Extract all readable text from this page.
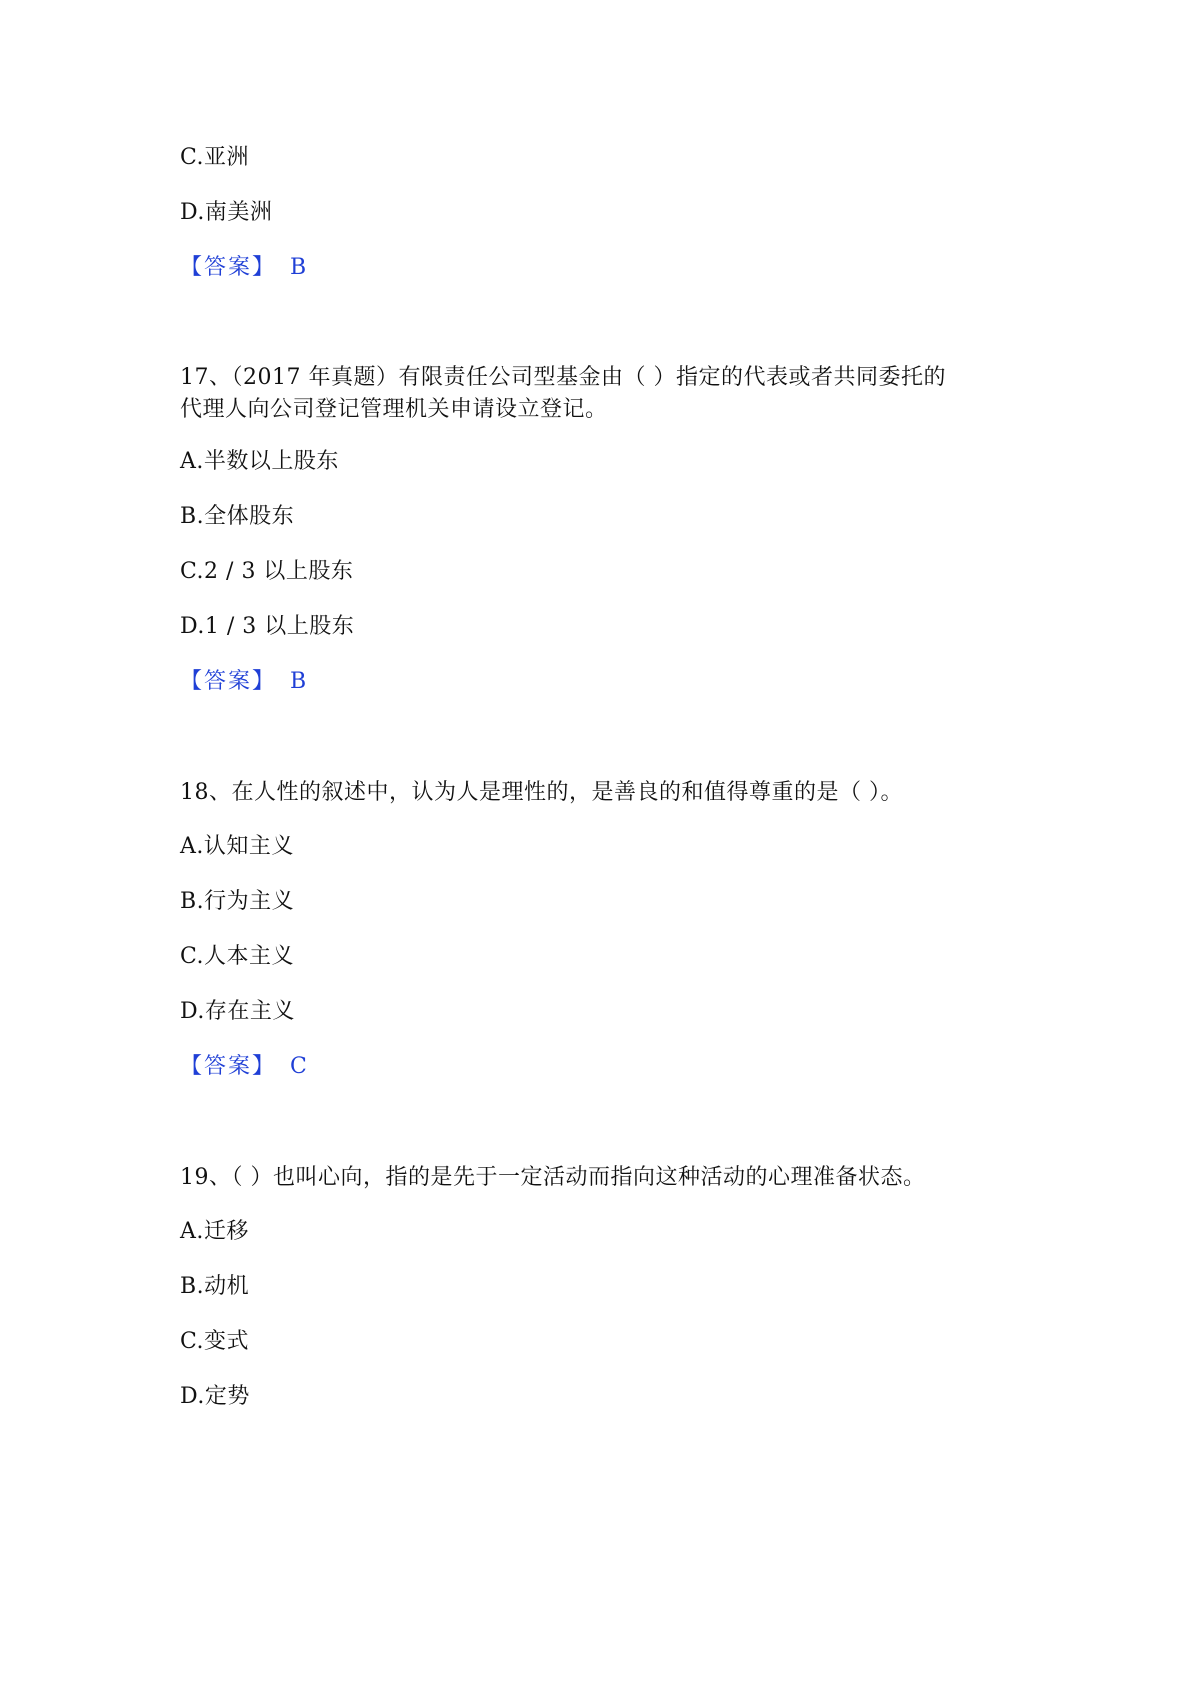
C.亚洲
D.南美洲
【答案】 B
17、（2017 年真题）有限责任公司型基金由（ ）指定的代表或者共同委托的
代理人向公司登记管理机关申请设立登记。
A.半数以上股东
B.全体股东
C.2 / 3 以上股东
D.1 / 3 以上股东
【答案】 B
18、在人性的叙述中，认为人是理性的，是善良的和值得尊重的是（ ）。
A.认知主义
B.行为主义
C.人本主义
D.存在主义
【答案】 C
19、（ ）也叫心向，指的是先于一定活动而指向这种活动的心理准备状态。
A.迁移
B.动机
C.变式
D.定势
